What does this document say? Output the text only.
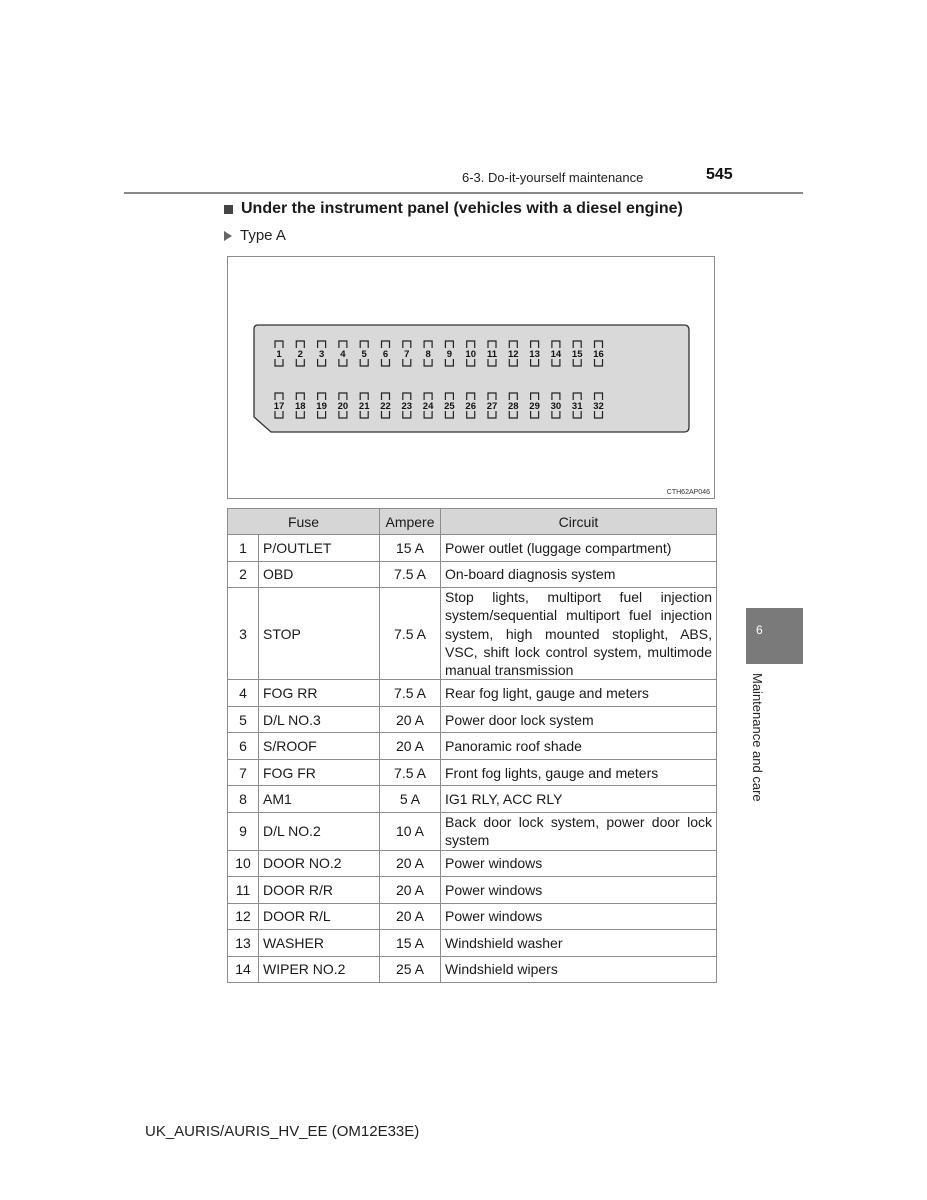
6-3. Do-it-yourself maintenance	545
Under the instrument panel (vehicles with a diesel engine)
Type A
1 2 3 4 5 6 7 8 9 10 11 12 13 14 15 16
17 18 19 20 21 22 23 24 25 26 27 28 29 30 31 32
CTH62AP046
Fuse		Ampere	Circuit
1	P/OUTLET	15 A	Power outlet (luggage compartment)
2	OBD	7.5 A	On-board diagnosis system
3	STOP	7.5 A	Stop lights, multiport fuel injection system/sequential multiport fuel injection system, high mounted stoplight, ABS, VSC, shift lock control system, multimode manual transmission
4	FOG RR	7.5 A	Rear fog light, gauge and meters
5	D/L NO.3	20 A	Power door lock system
6	S/ROOF	20 A	Panoramic roof shade
7	FOG FR	7.5 A	Front fog lights, gauge and meters
8	AM1	5 A	IG1 RLY, ACC RLY
9	D/L NO.2	10 A	Back door lock system, power door lock system
10	DOOR NO.2	20 A	Power windows
11	DOOR R/R	20 A	Power windows
12	DOOR R/L	20 A	Power windows
13	WASHER	15 A	Windshield washer
14	WIPER NO.2	25 A	Windshield wipers
6
Maintenance and care
UK_AURIS/AURIS_HV_EE (OM12E33E)
